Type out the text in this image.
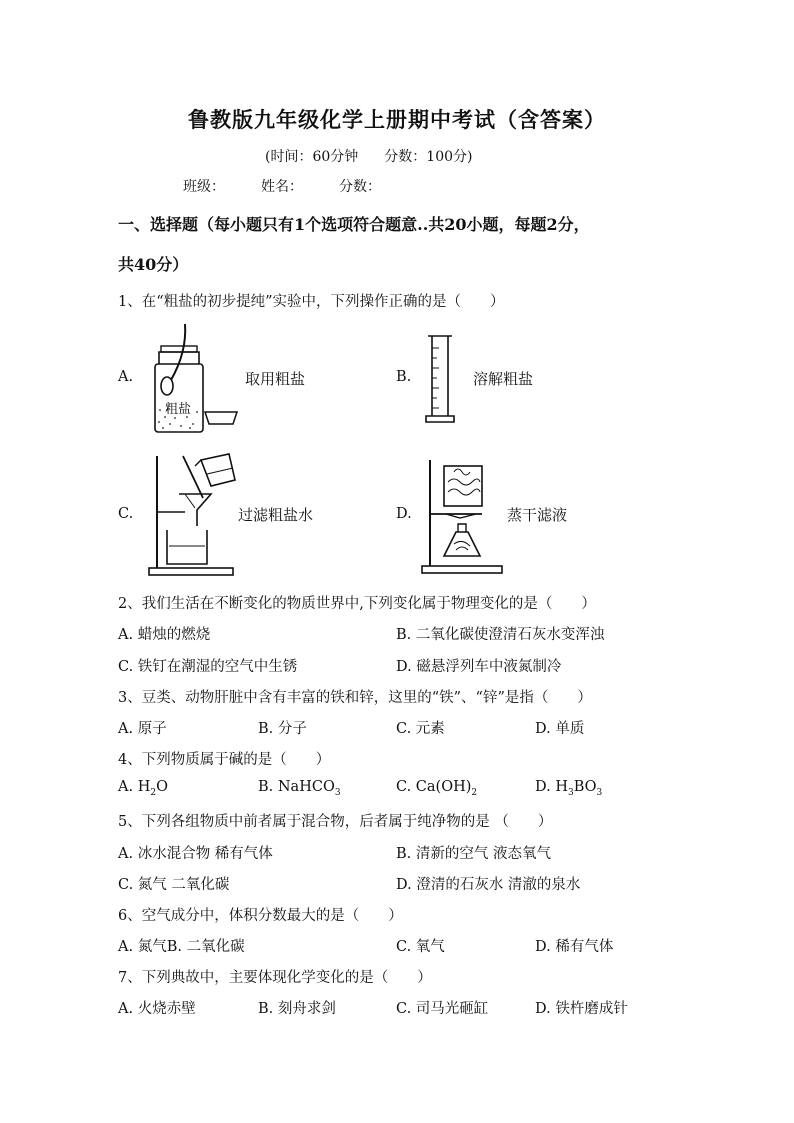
鲁教版九年级化学上册期中考试（含答案）
(时间：60分钟 分数：100分)
班级：	姓名：	分数：
一、选择题（每小题只有1个选项符合题意..共20小题，每题2分，
共40分）
1、在“粗盐的初步提纯”实验中，下列操作正确的是（　　）
A.
粗盐
取用粗盐	B.	溶解粗盐
C.	过滤粗盐水	D.	蒸干滤液
2、我们生活在不断变化的物质世界中,下列变化属于物理变化的是（　　）
A. 蜡烛的燃烧	B. 二氧化碳使澄清石灰水变浑浊
C. 铁钉在潮湿的空气中生锈	D. 磁悬浮列车中液氮制冷
3、豆类、动物肝脏中含有丰富的铁和锌，这里的“铁”、“锌”是指（　　）
A. 原子	B. 分子	C. 元素	D. 单质
4、下列物质属于碱的是（　　）
A. $H_2O$	B. NaHCO$_3$	C. $Ca(OH)_2$	D. $H_3BO_3$
5、下列各组物质中前者属于混合物，后者属于纯净物的是 （　　）
A. 冰水混合物 稀有气体	B. 清新的空气 液态氧气
C. 氮气 二氧化碳	D. 澄清的石灰水 清澈的泉水
6、空气成分中，体积分数最大的是（　　）
A. 氮气B. 二氧化碳	C. 氧气	D. 稀有气体
7、下列典故中，主要体现化学变化的是（　　）
A. 火烧赤壁	B. 刻舟求剑	C. 司马光砸缸	D. 铁杵磨成针
